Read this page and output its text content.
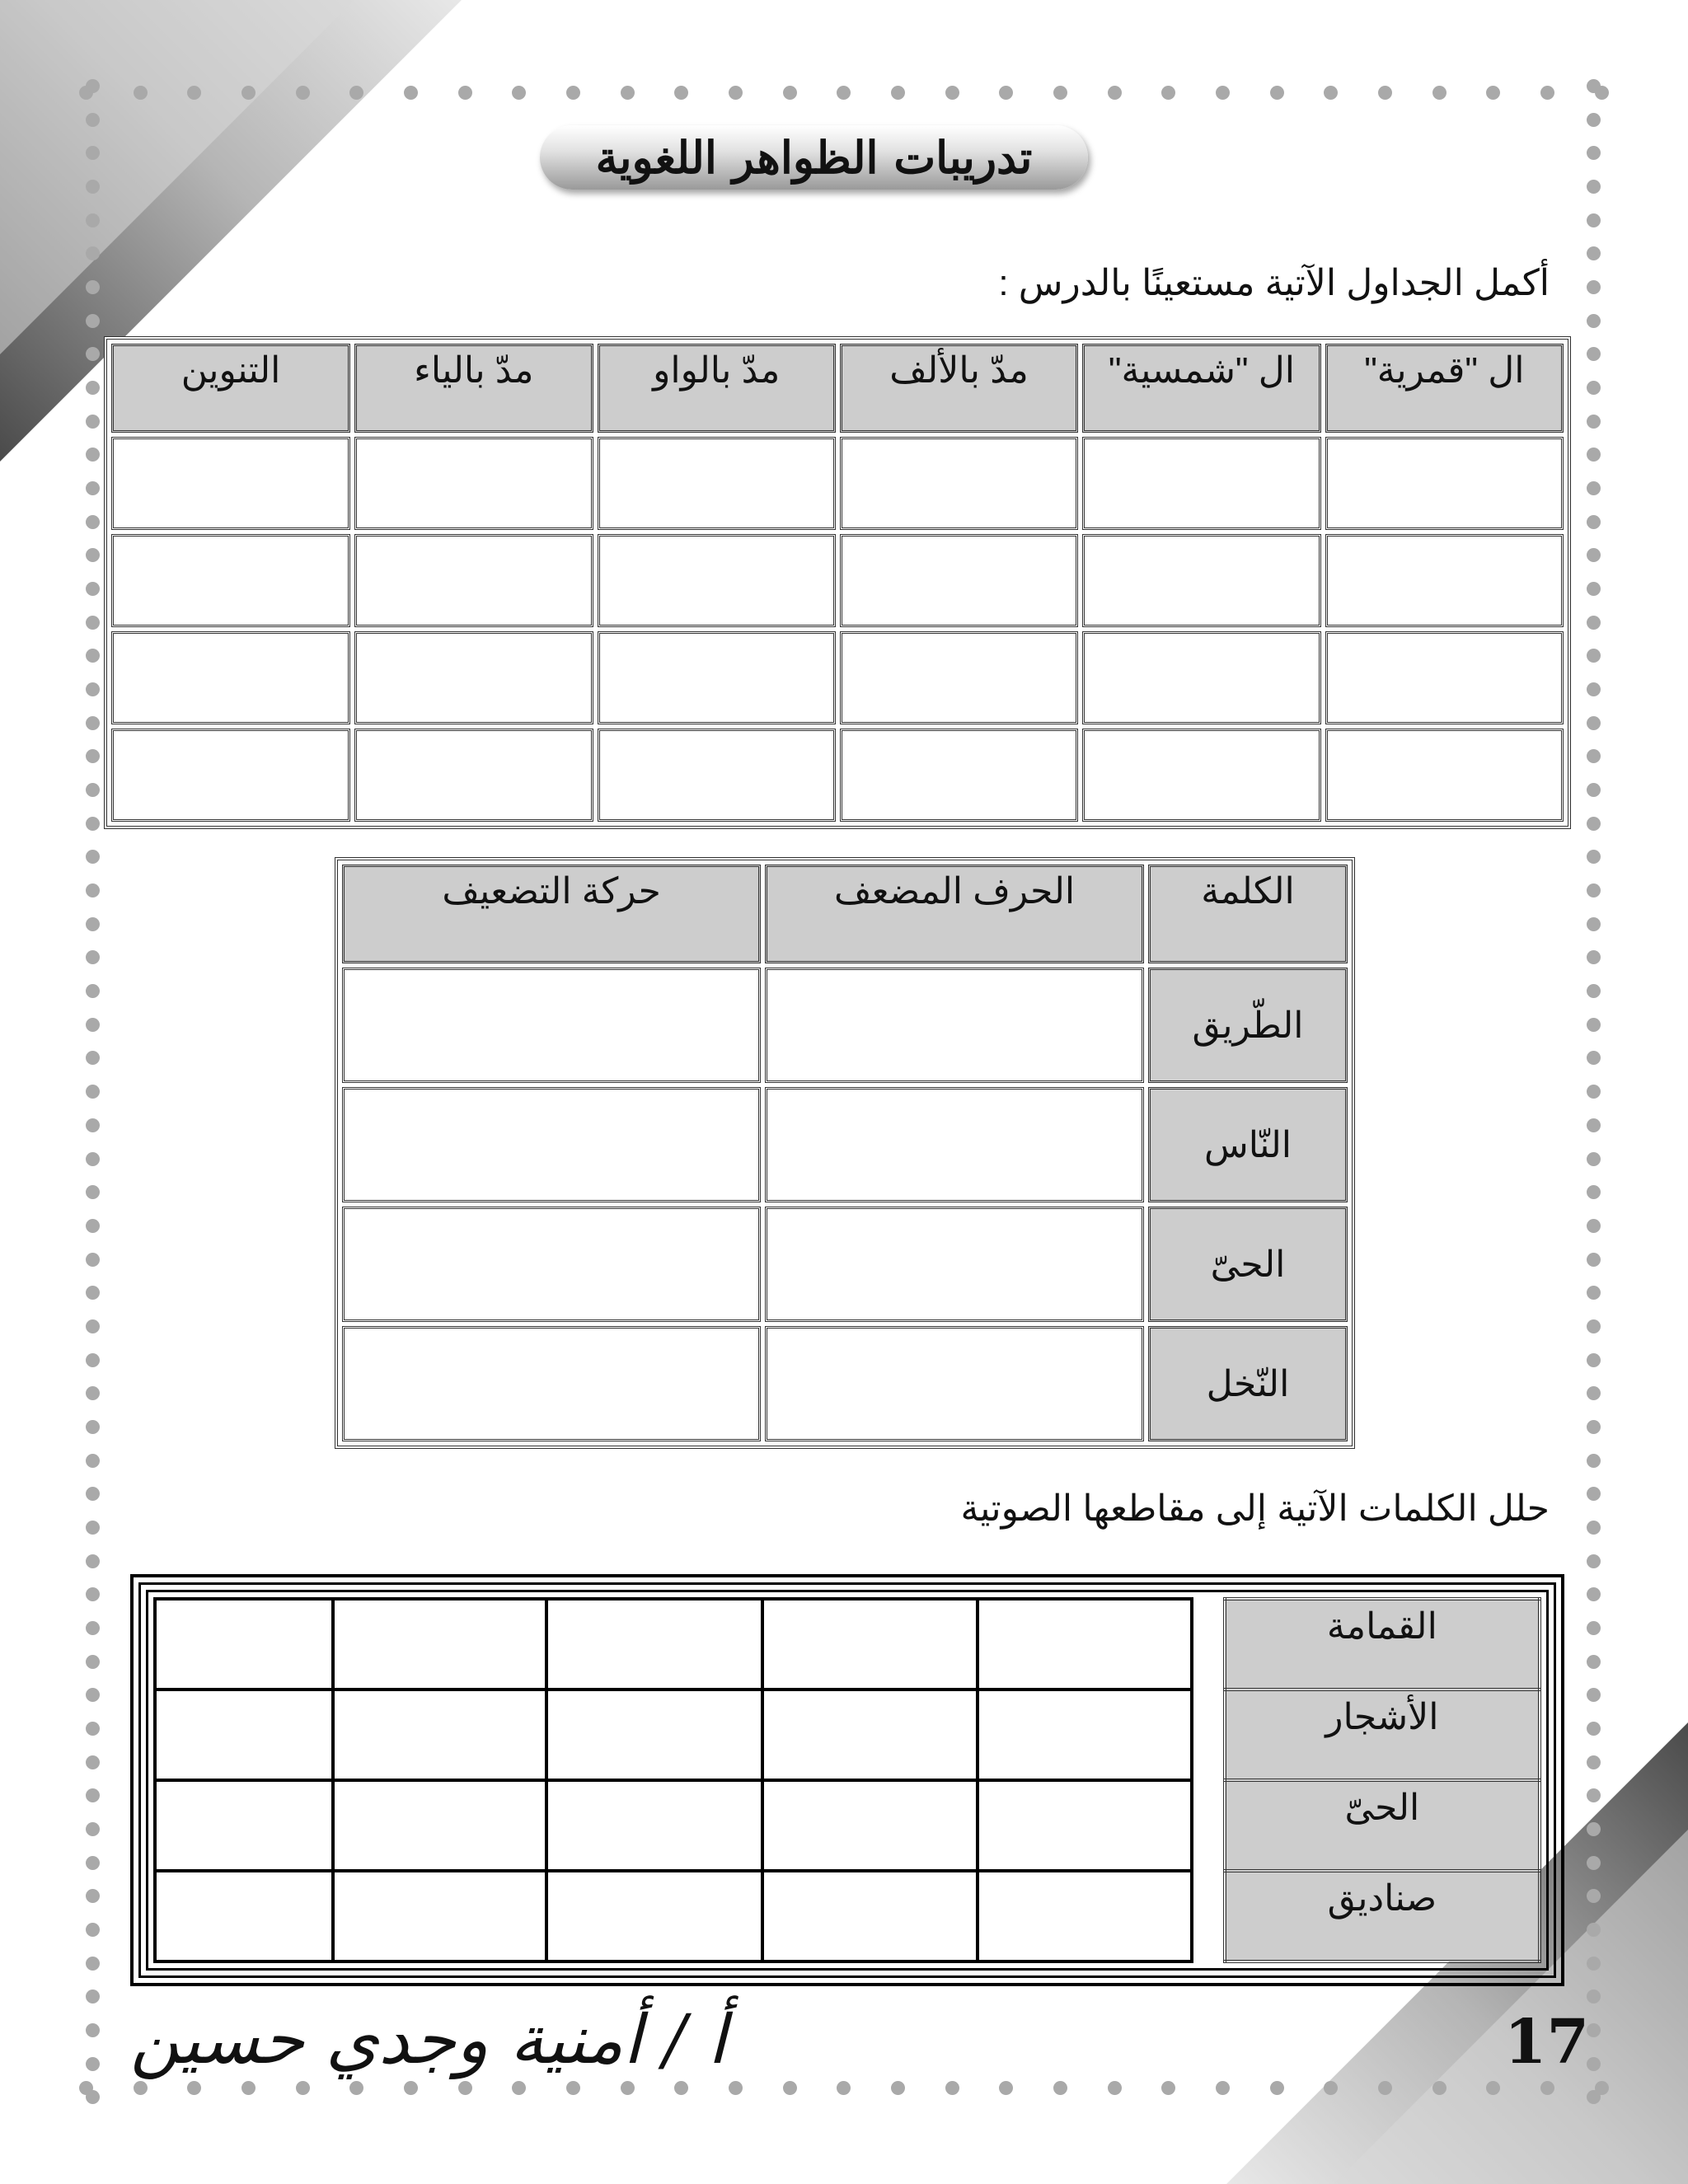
تدريبات الظواهر اللغوية
أكمل الجداول الآتية مستعينًا بالدرس :
ال "قمرية"	ال "شمسية"	مدّ بالألف	مدّ بالواو	مدّ بالياء	التنوين

الكلمة	الحرف المضعف	حركة التضعيف
الطّريق		
النّاس		
الحىّ		
النّخل		
حلل الكلمات الآتية إلى مقاطعها الصوتية
القمامة						
الأشجار						
الحىّ						
صناديق						
أ / أمنية وجدي حسين	17
